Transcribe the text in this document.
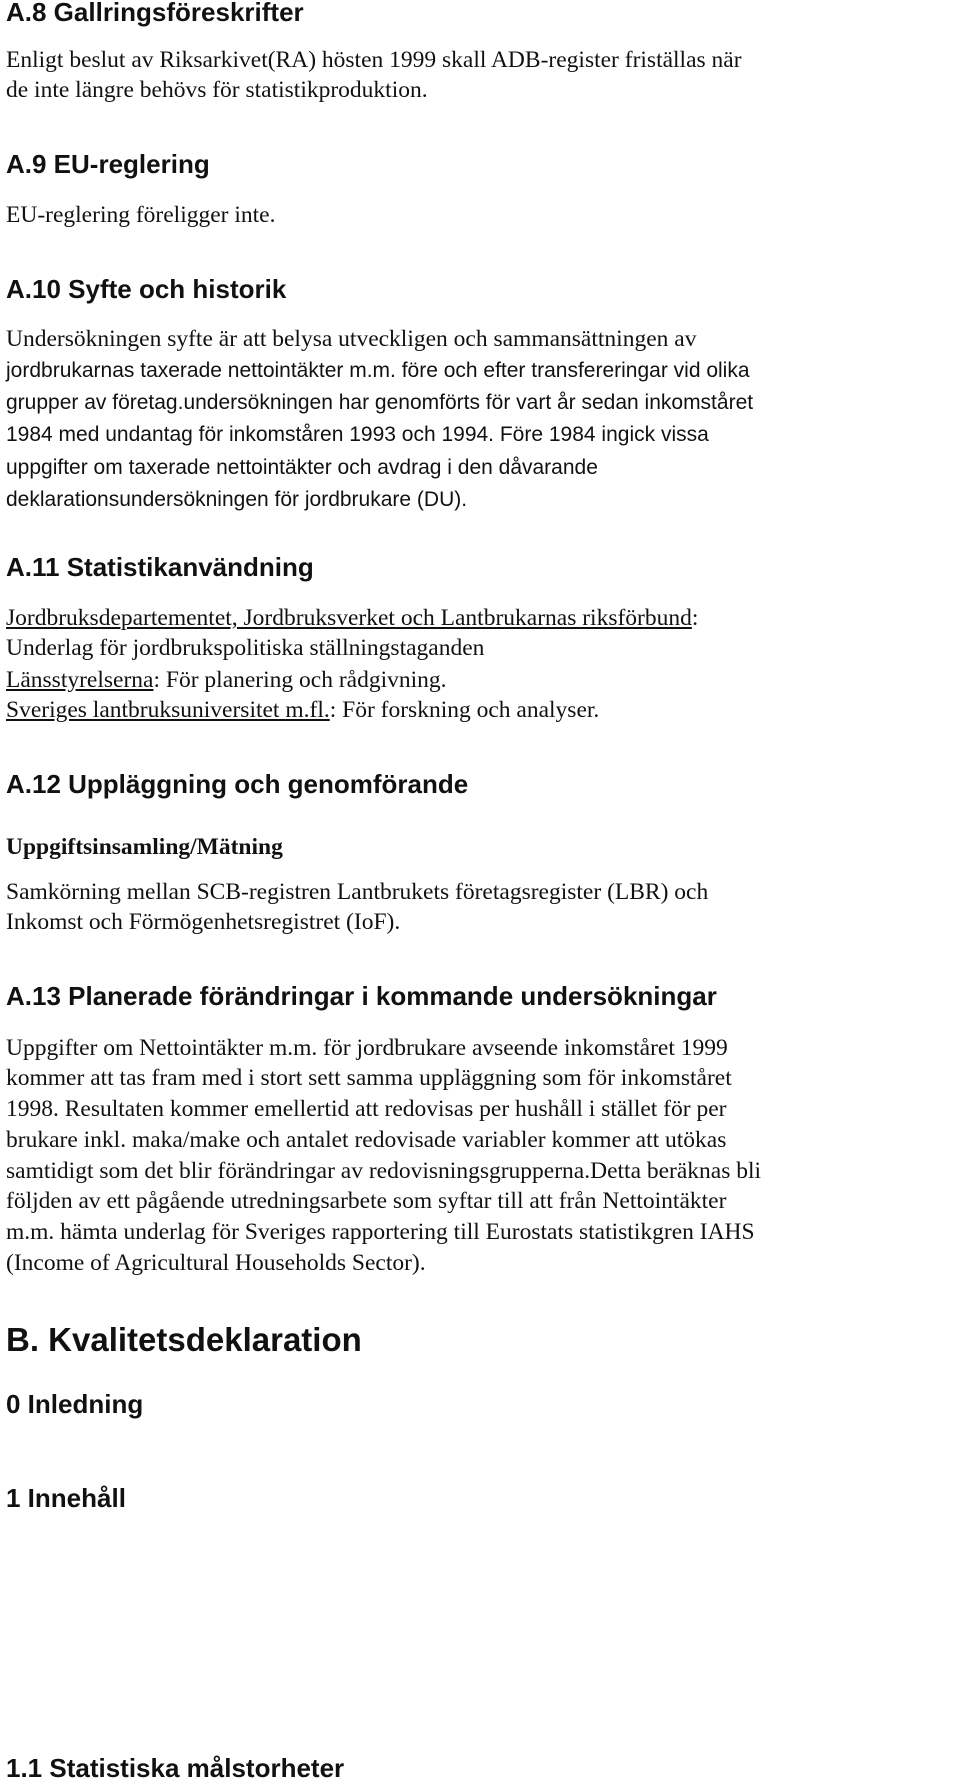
A.8 Gallringsföreskrifter

Enligt beslut av Riksarkivet(RA) hösten 1999 skall ADB-register friställas när

de inte längre behövs för statistikproduktion.

A.9 EU-reglering

EU-reglering föreligger inte.

A.10 Syfte och historik

Undersökningen syfte är att belysa utveckligen och sammansättningen av

jordbrukarnas taxerade nettointäkter m.m. före och efter transfereringar vid olika

grupper av företag.undersökningen har genomförts för vart år sedan inkomståret

1984 med undantag för inkomståren 1993 och 1994. Före 1984 ingick vissa

uppgifter om taxerade nettointäkter och avdrag i den dåvarande

deklarationsundersökningen för jordbrukare (DU).

A.11 Statistikanvändning

Jordbruksdepartementet, Jordbruksverket och Lantbrukarnas riksförbund:

Underlag för jordbrukspolitiska ställningstaganden

Länsstyrelserna: För planering och rådgivning.

Sveriges lantbruksuniversitet m.fl.: För forskning och analyser.

A.12 Uppläggning och genomförande

Uppgiftsinsamling/Mätning

Samkörning mellan SCB-registren Lantbrukets företagsregister (LBR) och

Inkomst och Förmögenhetsregistret (IoF).

A.13 Planerade förändringar i kommande undersökningar

Uppgifter om Nettointäkter m.m. för jordbrukare avseende inkomståret 1999

kommer att tas fram med i stort sett samma uppläggning som för inkomståret

1998. Resultaten kommer emellertid att redovisas per hushåll i stället för per

brukare inkl. maka/make och antalet redovisade variabler kommer att utökas

samtidigt som det blir förändringar av redovisningsgrupperna.Detta beräknas bli

följden av ett pågående utredningsarbete som syftar till att från Nettointäkter

m.m. hämta underlag för Sveriges rapportering till Eurostats statistikgren IAHS

(Income of Agricultural Households Sector).

B. Kvalitetsdeklaration
0 Inledning
1 Innehåll
1.1 Statistiska målstorheter
